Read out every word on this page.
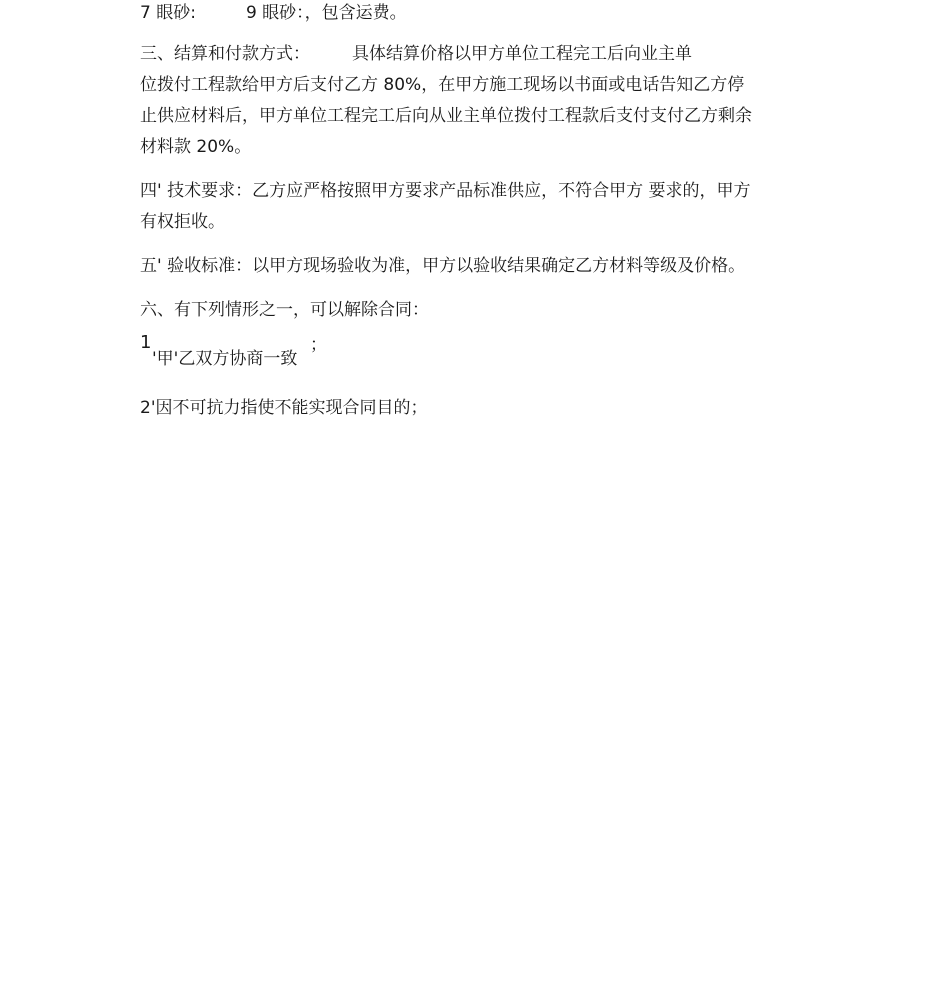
7 眼砂:	9 眼砂：，包含运费。
三、结算和付款方式： 具体结算价格以甲方单位工程完工后向业主单
位拨付工程款给甲方后支付乙方 80%，在甲方施工现场以书面或电话告知乙方停
止供应材料后，甲方单位工程完工后向从业主单位拨付工程款后支付支付乙方剩余
材料款 20%。
四' 技术要求：乙方应严格按照甲方要求产品标准供应，不符合甲方 要求的，甲方
有权拒收。
五' 验收标准：以甲方现场验收为准，甲方以验收结果确定乙方材料等级及价格。
六、有下列情形之一，可以解除合同：
1
'甲'乙双方协商一致
；
2'因不可抗力指使不能实现合同目的；
